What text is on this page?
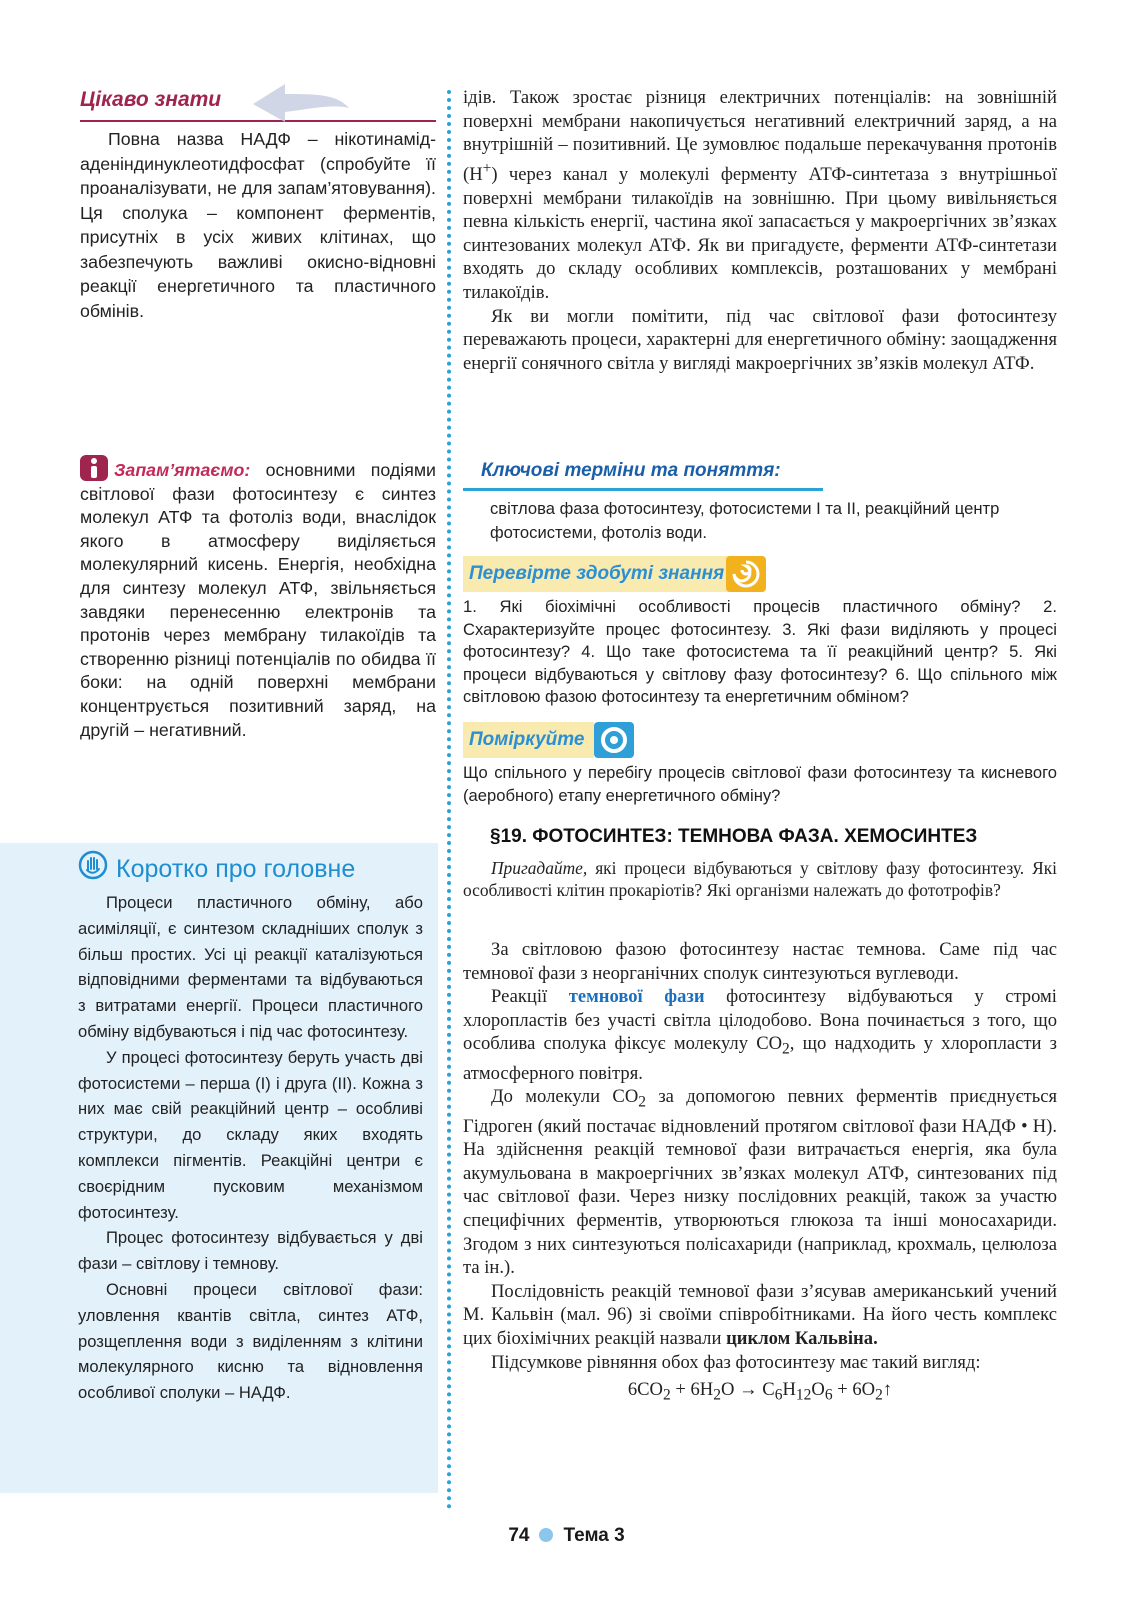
Цікаво знати
Повна назва НАДФ – нікотинамід-аденіндинуклеотидфосфат (спробуйте її проаналізувати, не для запам’ятовування). Ця сполука – компонент ферментів, присутніх в усіх живих клітинах, що забезпечують важливі окисно-відновні реакції енергетичного та пластичного обмінів.
Запам’ятаємо: основними подіями світлової фази фотосинтезу є синтез молекул АТФ та фотоліз води, внаслідок якого в атмосферу виділяється молекулярний кисень. Енергія, необхідна для синтезу молекул АТФ, звільняється завдяки перенесенню електронів та протонів через мембрану тилакоїдів та створенню різниці потенціалів по обидва її боки: на одній поверхні мембрани концентрується позитивний заряд, на другій – негативний.
Коротко про головне

Процеси пластичного обміну, або асиміляції, є синтезом складніших сполук з більш простих. Усі ці реакції каталізуються відповідними ферментами та відбуваються з витратами енергії. Процеси пластичного обміну відбуваються і під час фотосинтезу.

У процесі фотосинтезу беруть участь дві фотосистеми – перша (І) і друга (ІІ). Кожна з них має свій реакційний центр – особливі структури, до складу яких входять комплекси пігментів. Реакційні центри є своєрідним пусковим механізмом фотосинтезу.

Процес фотосинтезу відбувається у дві фази – світлову і темнову.

Основні процеси світлової фази: уловлення квантів світла, синтез АТФ, розщеплення води з виділенням з клітини молекулярного кисню та відновлення особливої сполуки – НАДФ.

ідів. Також зростає різниця електричних потенціалів: на зовнішній поверхні мембрани накопичується негативний електричний заряд, а на внутрішній – позитивний. Це зумовлює подальше перекачування протонів (Н+) через канал у молекулі ферменту АТФ-синтетаза з внутрішньої поверхні мембрани тилакоїдів на зовнішню. При цьому вивільняється певна кількість енергії, частина якої запасається у макроергічних зв’язках синтезованих молекул АТФ. Як ви пригадуєте, ферменти АТФ-синтетази входять до складу особливих комплексів, розташованих у мембрані тилакоїдів.

Як ви могли помітити, під час світлової фази фотосинтезу переважають процеси, характерні для енергетичного обміну: заощадження енергії сонячного світла у вигляді макроергічних зв’язків молекул АТФ.

Ключові терміни та поняття:
світлова фаза фотосинтезу, фотосистеми І та ІІ, реакційний центр фотосистеми, фотоліз води.
Перевірте здобуті знання
1. Які біохімічні особливості процесів пластичного обміну? 2. Схарактеризуйте процес фотосинтезу. 3. Які фази виділяють у процесі фотосинтезу? 4. Що таке фотосистема та її реакційний центр? 5. Які процеси відбуваються у світлову фазу фотосинтезу? 6. Що спільного між світловою фазою фотосинтезу та енергетичним обміном?
Поміркуйте
Що спільного у перебігу процесів світлової фази фотосинтезу та кисневого (аеробного) етапу енергетичного обміну?
§19. ФОТОСИНТЕЗ: ТЕМНОВА ФАЗА. ХЕМОСИНТЕЗ
Пригадайте, які процеси відбуваються у світлову фазу фотосинтезу. Які особливості клітин прокаріотів? Які організми належать до фототрофів?

За світловою фазою фотосинтезу настає темнова. Саме під час темнової фази з неорганічних сполук синтезуються вуглеводи.

Реакції темнової фази фотосинтезу відбуваються у стромі хлоропластів без участі світла цілодобово. Вона починається з того, що особлива сполука фіксує молекулу $СО_2$, що надходить у хлоропласти з атмосферного повітря.

До молекули $СО_2$ за допомогою певних ферментів приєднується Гідроген (який постачає відновлений протягом світлової фази НАДФ • Н). На здійснення реакцій темнової фази витрачається енергія, яка була акумульована в макроергічних зв’язках молекул АТФ, синтезованих під час світлової фази. Через низку послідовних реакцій, також за участю специфічних ферментів, утворюються глюкоза та інші моносахариди. Згодом з них синтезуються полісахариди (наприклад, крохмаль, целюлоза та ін.).

Послідовність реакцій темнової фази з’ясував американський учений М. Кальвін (мал. 96) зі своїми співробітниками. На його честь комплекс цих біохімічних реакцій назвали циклом Кальвіна.

Підсумкове рівняння обох фаз фотосинтезу має такий вигляд:

$6СО_2 + 6Н_2О \to С_6Н_{12}О_6$ + $6О_2↑$

74 Тема 3
